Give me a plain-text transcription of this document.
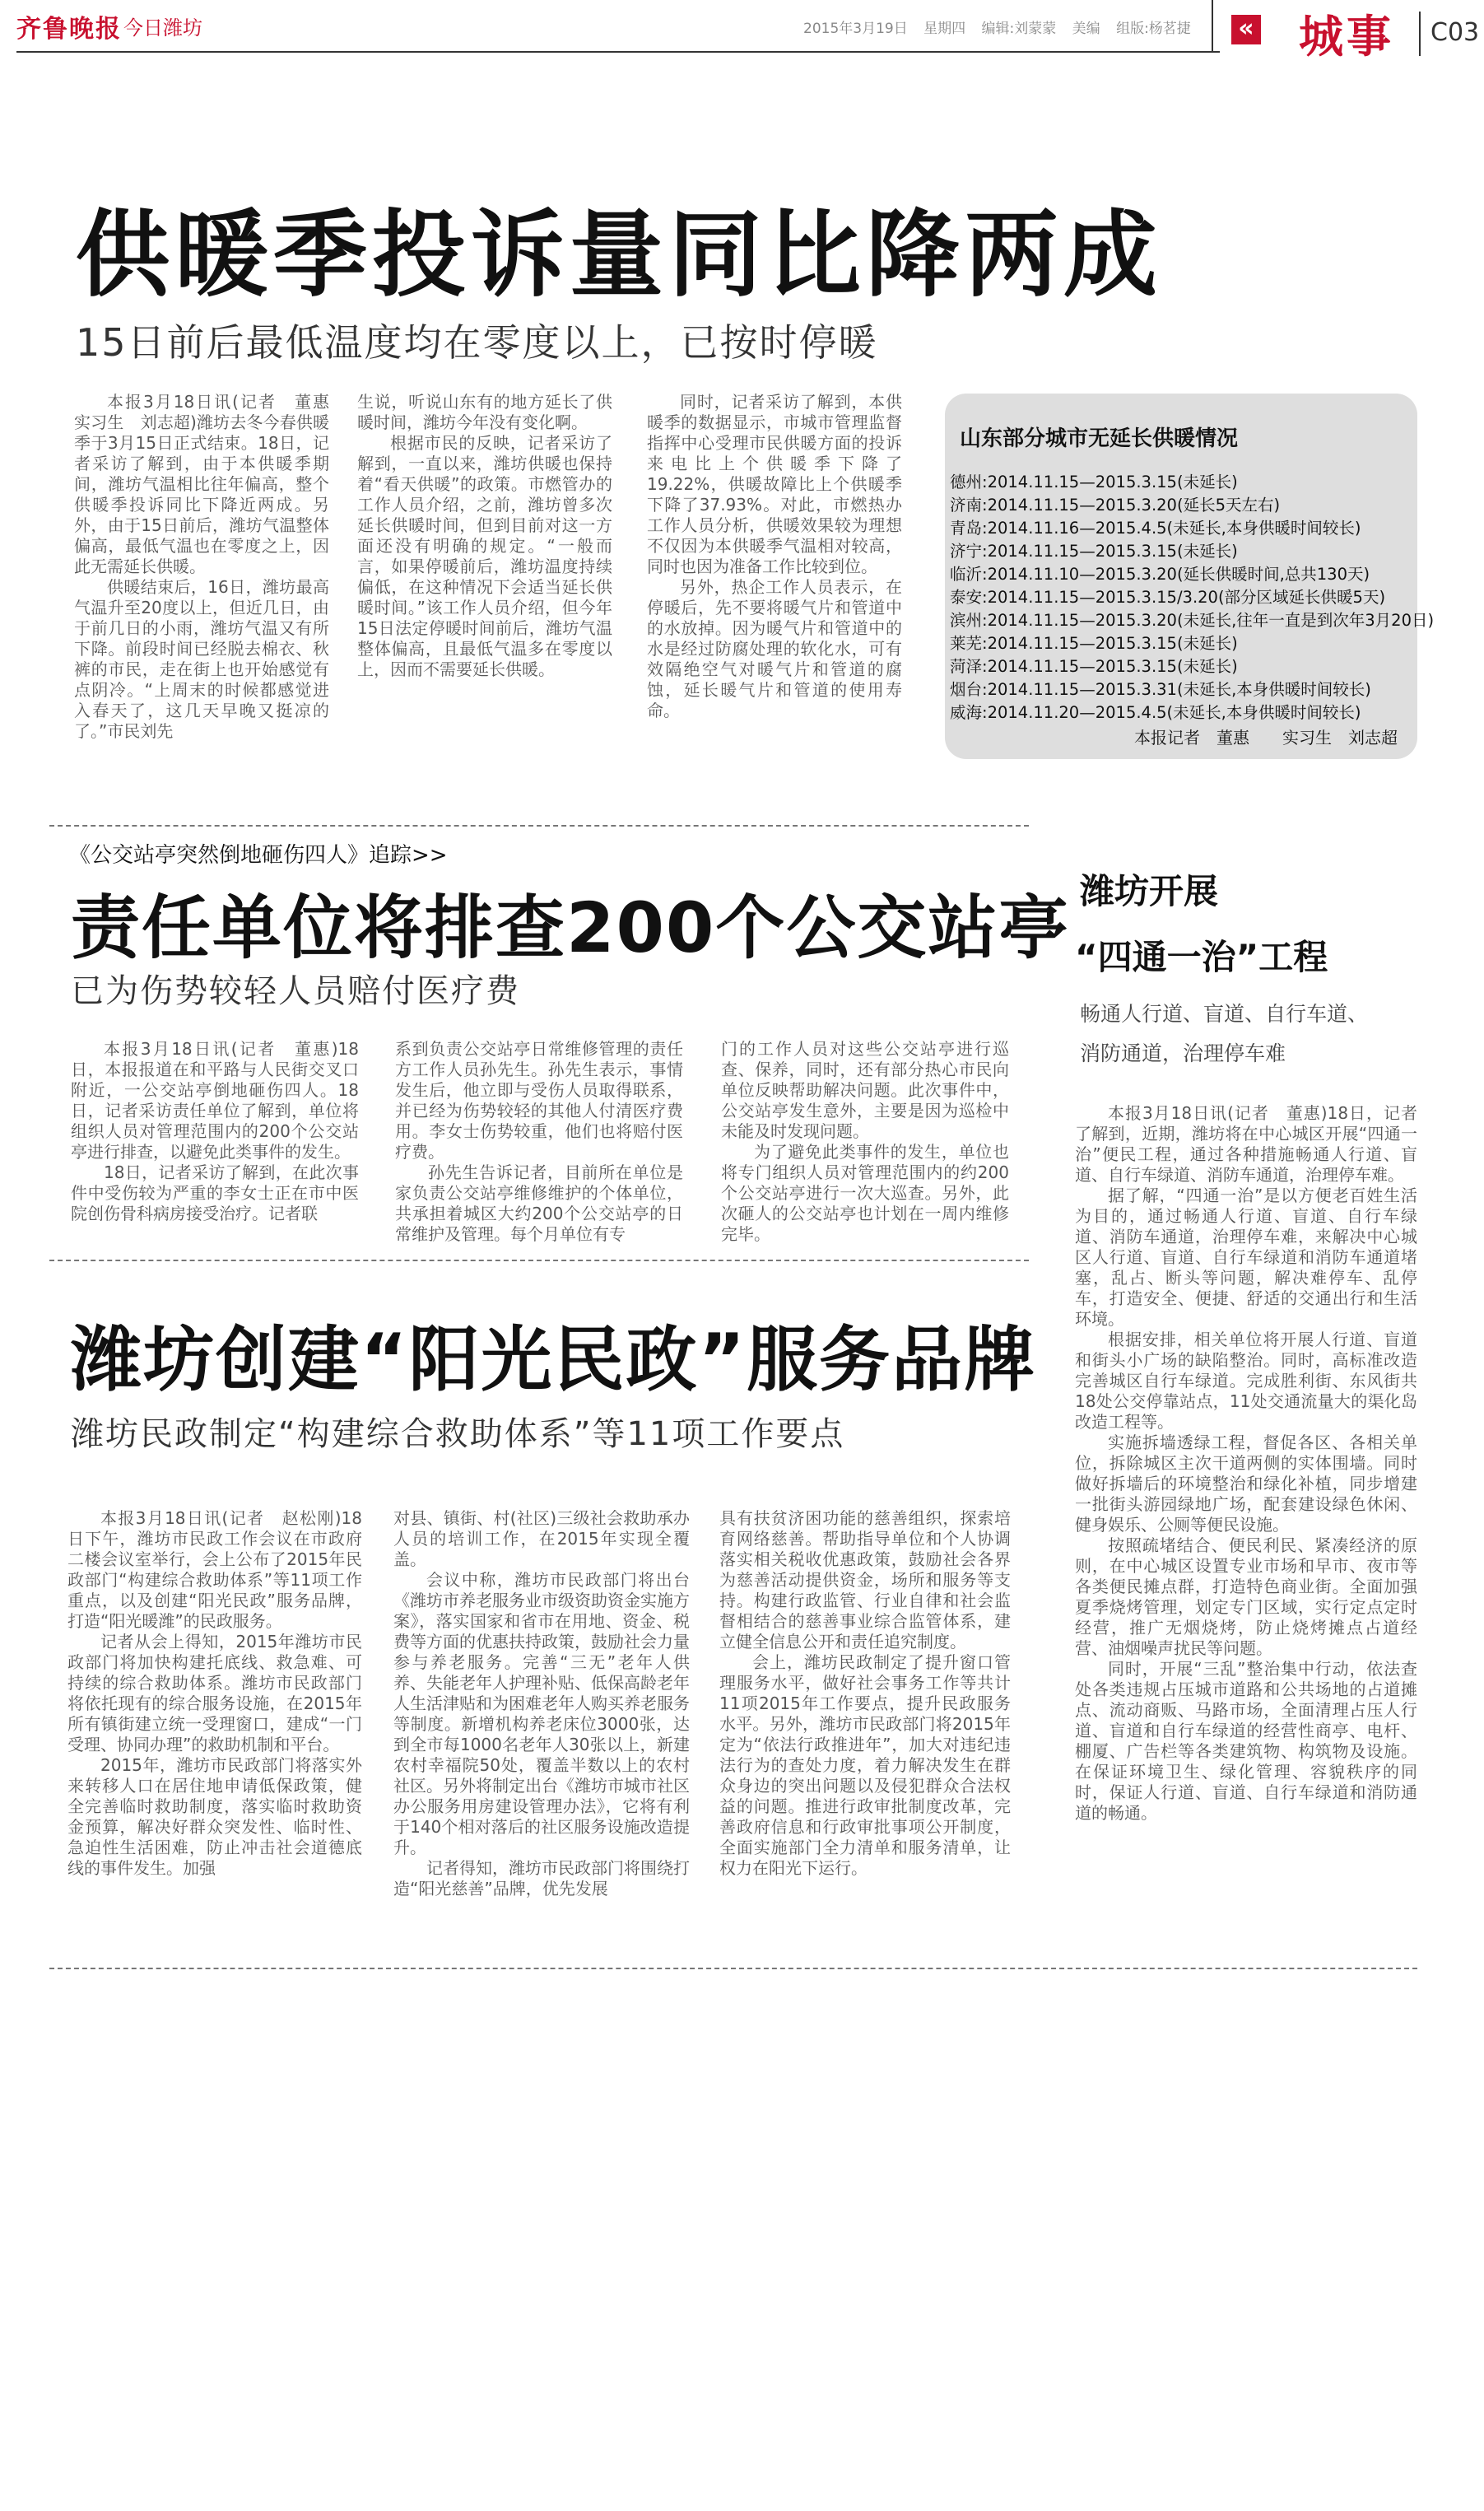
齐鲁晚报 今日潍坊	2015年3月19日 星期四 编辑:刘蒙蒙 美编 组版:杨茗捷	« 城事 C03
供暖季投诉量同比降两成
15日前后最低温度均在零度以上，已按时停暖

本报3月18日讯(记者　董惠　实习生　刘志超)潍坊去冬今春供暖季于3月15日正式结束。18日，记者采访了解到，由于本供暖季期间，潍坊气温相比往年偏高，整个供暖季投诉同比下降近两成。另外，由于15日前后，潍坊气温整体偏高，最低气温也在零度之上，因此无需延长供暖。

供暖结束后，16日，潍坊最高气温升至20度以上，但近几日，由于前几日的小雨，潍坊气温又有所下降。前段时间已经脱去棉衣、秋裤的市民，走在街上也开始感觉有点阴冷。“上周末的时候都感觉进入春天了，这几天早晚又挺凉的了。”市民刘先

生说，听说山东有的地方延长了供暖时间，潍坊今年没有变化啊。

根据市民的反映，记者采访了解到，一直以来，潍坊供暖也保持着“看天供暖”的政策。市燃管办的工作人员介绍，之前，潍坊曾多次延长供暖时间，但到目前对这一方面还没有明确的规定。“一般而言，如果停暖前后，潍坊温度持续偏低，在这种情况下会适当延长供暖时间。”该工作人员介绍，但今年15日法定停暖时间前后，潍坊气温整体偏高，且最低气温多在零度以上，因而不需要延长供暖。

同时，记者采访了解到，本供暖季的数据显示，市城市管理监督指挥中心受理市民供暖方面的投诉来电比上个供暖季下降了19.22%，供暖故障比上个供暖季下降了37.93%。对此，市燃热办工作人员分析，供暖效果较为理想不仅因为本供暖季气温相对较高，同时也因为准备工作比较到位。

另外，热企工作人员表示，在停暖后，先不要将暖气片和管道中的水放掉。因为暖气片和管道中的水是经过防腐处理的软化水，可有效隔绝空气对暖气片和管道的腐蚀，延长暖气片和管道的使用寿命。

山东部分城市无延长供暖情况
德州:2014.11.15—2015.3.15(未延长)
济南:2014.11.15—2015.3.20(延长5天左右)
青岛:2014.11.16—2015.4.5(未延长,本身供暖时间较长)
济宁:2014.11.15—2015.3.15(未延长)
临沂:2014.11.10—2015.3.20(延长供暖时间,总共130天)
泰安:2014.11.15—2015.3.15/3.20(部分区域延长供暖5天)
滨州:2014.11.15—2015.3.20(未延长,往年一直是到次年3月20日)
莱芜:2014.11.15—2015.3.15(未延长)
菏泽:2014.11.15—2015.3.15(未延长)
烟台:2014.11.15—2015.3.31(未延长,本身供暖时间较长)
威海:2014.11.20—2015.4.5(未延长,本身供暖时间较长)
本报记者　董惠　　实习生　刘志超
《公交站亭突然倒地砸伤四人》追踪>>
责任单位将排查200个公交站亭
已为伤势较轻人员赔付医疗费

本报3月18日讯(记者　董惠)18日，本报报道在和平路与人民街交叉口附近，一公交站亭倒地砸伤四人。18日，记者采访责任单位了解到，单位将组织人员对管理范围内的200个公交站亭进行排查，以避免此类事件的发生。

18日，记者采访了解到，在此次事件中受伤较为严重的李女士正在市中医院创伤骨科病房接受治疗。记者联

系到负责公交站亭日常维修管理的责任方工作人员孙先生。孙先生表示，事情发生后，他立即与受伤人员取得联系，并已经为伤势较轻的其他人付清医疗费用。李女士伤势较重，他们也将赔付医疗费。

孙先生告诉记者，目前所在单位是家负责公交站亭维修维护的个体单位，共承担着城区大约200个公交站亭的日常维护及管理。每个月单位有专

门的工作人员对这些公交站亭进行巡查、保养，同时，还有部分热心市民向单位反映帮助解决问题。此次事件中，公交站亭发生意外，主要是因为巡检中未能及时发现问题。

为了避免此类事件的发生，单位也将专门组织人员对管理范围内的约200个公交站亭进行一次大巡查。另外，此次砸人的公交站亭也计划在一周内维修完毕。

潍坊开展
“四通一治”工程
畅通人行道、盲道、自行车道、
消防通道，治理停车难

本报3月18日讯(记者　董惠)18日，记者了解到，近期，潍坊将在中心城区开展“四通一治”便民工程，通过各种措施畅通人行道、盲道、自行车绿道、消防车通道，治理停车难。

据了解，“四通一治”是以方便老百姓生活为目的，通过畅通人行道、盲道、自行车绿道、消防车通道，治理停车难，来解决中心城区人行道、盲道、自行车绿道和消防车通道堵塞，乱占、断头等问题，解决难停车、乱停车，打造安全、便捷、舒适的交通出行和生活环境。

根据安排，相关单位将开展人行道、盲道和街头小广场的缺陷整治。同时，高标准改造完善城区自行车绿道。完成胜利街、东风街共18处公交停靠站点，11处交通流量大的渠化岛改造工程等。

实施拆墙透绿工程，督促各区、各相关单位，拆除城区主次干道两侧的实体围墙。同时做好拆墙后的环境整治和绿化补植，同步增建一批街头游园绿地广场，配套建设绿色休闲、健身娱乐、公厕等便民设施。

按照疏堵结合、便民利民、紧凑经济的原则，在中心城区设置专业市场和早市、夜市等各类便民摊点群，打造特色商业街。全面加强夏季烧烤管理，划定专门区域，实行定点定时经营，推广无烟烧烤，防止烧烤摊点占道经营、油烟噪声扰民等问题。

同时，开展“三乱”整治集中行动，依法查处各类违规占压城市道路和公共场地的占道摊点、流动商贩、马路市场，全面清理占压人行道、盲道和自行车绿道的经营性商亭、电杆、棚厦、广告栏等各类建筑物、构筑物及设施。在保证环境卫生、绿化管理、容貌秩序的同时，保证人行道、盲道、自行车绿道和消防通道的畅通。

潍坊创建“阳光民政”服务品牌
潍坊民政制定“构建综合救助体系”等11项工作要点

本报3月18日讯(记者　赵松刚)18日下午，潍坊市民政工作会议在市政府二楼会议室举行，会上公布了2015年民政部门“构建综合救助体系”等11项工作重点，以及创建“阳光民政”服务品牌，打造“阳光暖潍”的民政服务。

记者从会上得知，2015年潍坊市民政部门将加快构建托底线、救急难、可持续的综合救助体系。潍坊市民政部门将依托现有的综合服务设施，在2015年所有镇街建立统一受理窗口，建成“一门受理、协同办理”的救助机制和平台。

2015年，潍坊市民政部门将落实外来转移人口在居住地申请低保政策，健全完善临时救助制度，落实临时救助资金预算，解决好群众突发性、临时性、急迫性生活困难，防止冲击社会道德底线的事件发生。加强

对县、镇街、村(社区)三级社会救助承办人员的培训工作，在2015年实现全覆盖。

会议中称，潍坊市民政部门将出台《潍坊市养老服务业市级资助资金实施方案》，落实国家和省市在用地、资金、税费等方面的优惠扶持政策，鼓励社会力量参与养老服务。完善“三无”老年人供养、失能老年人护理补贴、低保高龄老年人生活津贴和为困难老年人购买养老服务等制度。新增机构养老床位3000张，达到全市每1000名老年人30张以上，新建农村幸福院50处，覆盖半数以上的农村社区。另外将制定出台《潍坊市城市社区办公服务用房建设管理办法》，它将有利于140个相对落后的社区服务设施改造提升。

记者得知，潍坊市民政部门将围绕打造“阳光慈善”品牌，优先发展

具有扶贫济困功能的慈善组织，探索培育网络慈善。帮助指导单位和个人协调落实相关税收优惠政策，鼓励社会各界为慈善活动提供资金，场所和服务等支持。构建行政监管、行业自律和社会监督相结合的慈善事业综合监管体系，建立健全信息公开和责任追究制度。

会上，潍坊民政制定了提升窗口管理服务水平，做好社会事务工作等共计11项2015年工作要点，提升民政服务水平。另外，潍坊市民政部门将2015年定为“依法行政推进年”，加大对违纪违法行为的查处力度，着力解决发生在群众身边的突出问题以及侵犯群众合法权益的问题。推进行政审批制度改革，完善政府信息和行政审批事项公开制度，全面实施部门全力清单和服务清单，让权力在阳光下运行。
